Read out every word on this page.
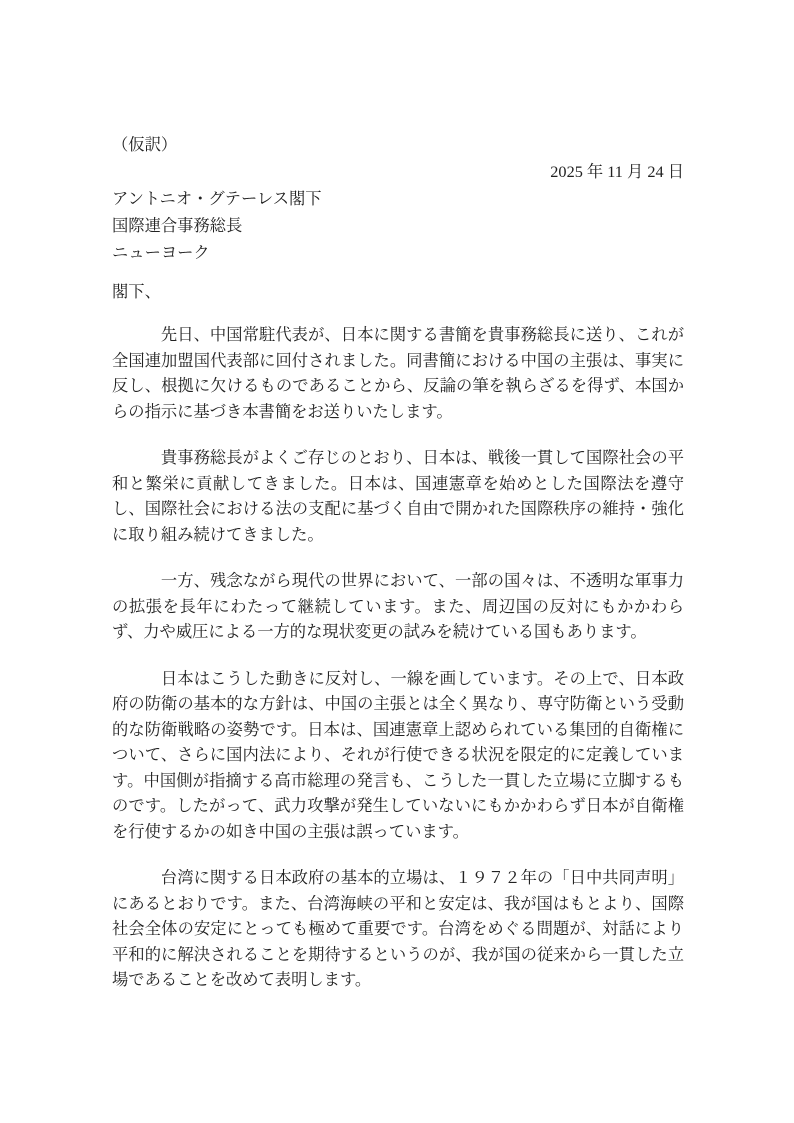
（仮訳）
2025 年 11 月 24 日
アントニオ・グテーレス閣下
国際連合事務総長
ニューヨーク
閣下、

先日、中国常駐代表が、日本に関する書簡を貴事務総長に送り、これが全国連加盟国代表部に回付されました。同書簡における中国の主張は、事実に反し、根拠に欠けるものであることから、反論の筆を執らざるを得ず、本国からの指示に基づき本書簡をお送りいたします。

貴事務総長がよくご存じのとおり、日本は、戦後一貫して国際社会の平和と繁栄に貢献してきました。日本は、国連憲章を始めとした国際法を遵守し、国際社会における法の支配に基づく自由で開かれた国際秩序の維持・強化に取り組み続けてきました。

一方、残念ながら現代の世界において、一部の国々は、不透明な軍事力の拡張を長年にわたって継続しています。また、周辺国の反対にもかかわらず、力や威圧による一方的な現状変更の試みを続けている国もあります。

日本はこうした動きに反対し、一線を画しています。その上で、日本政府の防衛の基本的な方針は、中国の主張とは全く異なり、専守防衛という受動的な防衛戦略の姿勢です。日本は、国連憲章上認められている集団的自衛権について、さらに国内法により、それが行使できる状況を限定的に定義しています。中国側が指摘する高市総理の発言も、こうした一貫した立場に立脚するものです。したがって、武力攻撃が発生していないにもかかわらず日本が自衛権を行使するかの如き中国の主張は誤っています。

台湾に関する日本政府の基本的立場は、１９７２年の「日中共同声明」にあるとおりです。また、台湾海峡の平和と安定は、我が国はもとより、国際社会全体の安定にとっても極めて重要です。台湾をめぐる問題が、対話により平和的に解決されることを期待するというのが、我が国の従来から一貫した立場であることを改めて表明します。
